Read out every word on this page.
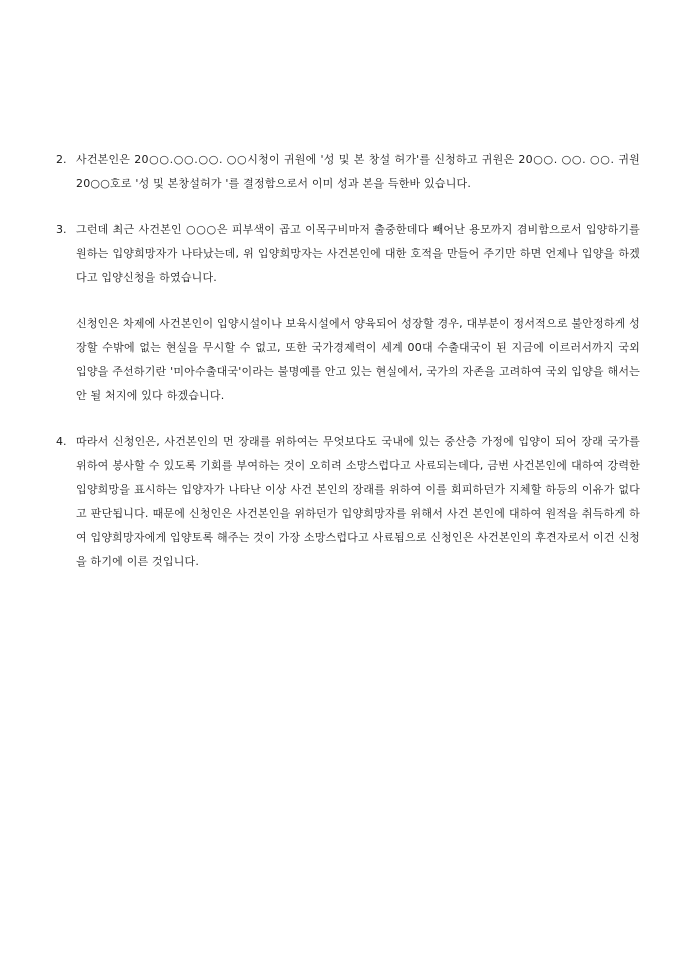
2. 사건본인은 20○○.○○.○○. ○○시청이 귀원에 '성 및 본 창설 허가'를 신청하고 귀원은 20○○. ○○. ○○. 귀원 20○○호로 '성 및 본창설허가 '를 결정함으로서 이미 성과 본을 득한바 있습니다.
3. 그런데 최근 사건본인 ○○○은 피부색이 곱고 이목구비마저 출중한데다 빼어난 용모까지 겸비함으로서 입양하기를 원하는 입양희망자가 나타났는데, 위 입양희망자는 사건본인에 대한 호적을 만들어 주기만 하면 언제나 입양을 하겠다고 입양신청을 하였습니다.
신청인은 차제에 사건본인이 입양시설이나 보육시설에서 양육되어 성장할 경우, 대부분이 정서적으로 불안정하게 성장할 수밖에 없는 현실을 무시할 수 없고, 또한 국가경제력이 세계 00대 수출대국이 된 지금에 이르러서까지 국외 입양을 주선하기란 '미아수출대국'이라는 불명예를 안고 있는 현실에서, 국가의 자존을 고려하여 국외 입양을 해서는 안 될 처지에 있다 하겠습니다.
4. 따라서 신청인은, 사건본인의 먼 장래를 위하여는 무엇보다도 국내에 있는 중산층 가정에 입양이 되어 장래 국가를 위하여 봉사할 수 있도록 기회를 부여하는 것이 오히려 소망스럽다고 사료되는데다, 금번 사건본인에 대하여 강력한 입양희망을 표시하는 입양자가 나타난 이상 사건 본인의 장래를 위하여 이를 회피하던가 지체할 하등의 이유가 없다고 판단됩니다. 때문에 신청인은 사건본인을 위하던가 입양희망자를 위해서 사건 본인에 대하여 원적을 취득하게 하여 입양희망자에게 입양토록 해주는 것이 가장 소망스럽다고 사료됨으로 신청인은 사건본인의 후견자로서 이건 신청을 하기에 이른 것입니다.
